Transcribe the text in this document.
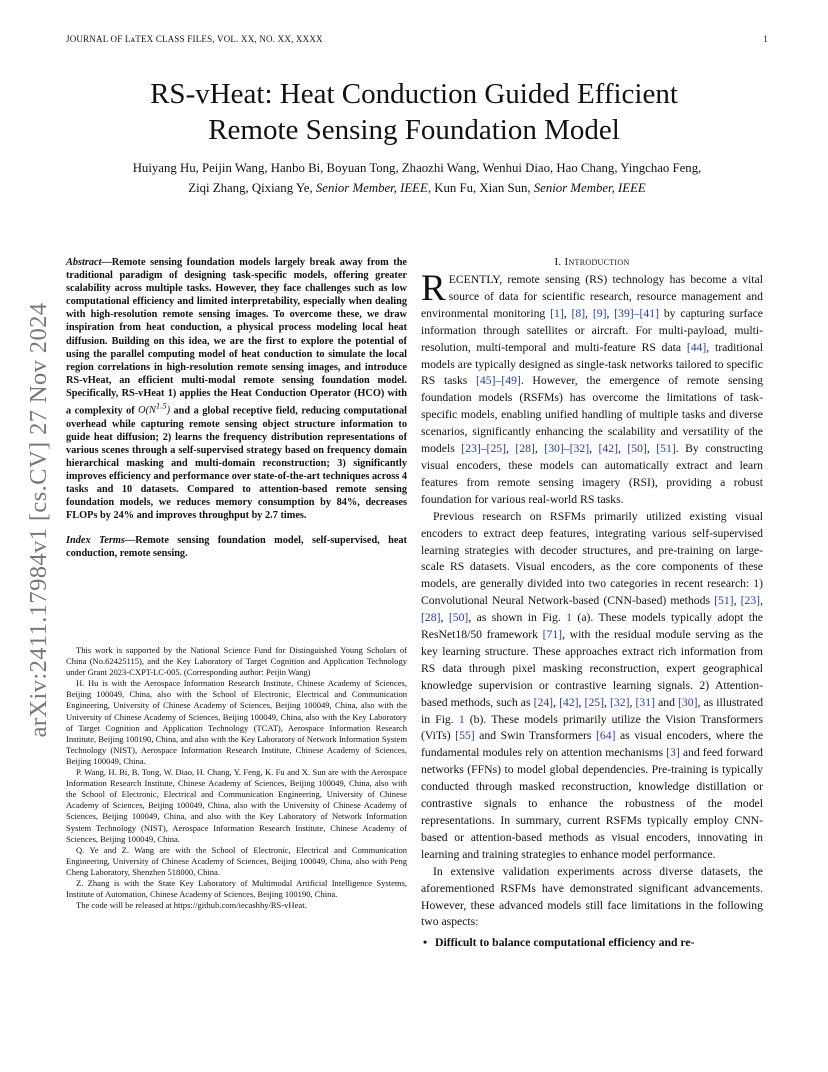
JOURNAL OF LᴀTEX CLASS FILES, VOL. XX, NO. XX, XXXX	1
arXiv:2411.17984v1 [cs.CV] 27 Nov 2024
RS-vHeat: Heat Conduction Guided Efficient
Remote Sensing Foundation Model
Huiyang Hu, Peijin Wang, Hanbo Bi, Boyuan Tong, Zhaozhi Wang, Wenhui Diao, Hao Chang, Yingchao Feng,
Ziqi Zhang, Qixiang Ye, Senior Member, IEEE, Kun Fu, Xian Sun, Senior Member, IEEE
Abstract—Remote sensing foundation models largely break away from the traditional paradigm of designing task-specific models, offering greater scalability across multiple tasks. However, they face challenges such as low computational efficiency and limited interpretability, especially when dealing with high-resolution remote sensing images. To overcome these, we draw inspiration from heat conduction, a physical process modeling local heat diffusion. Building on this idea, we are the first to explore the potential of using the parallel computing model of heat conduction to simulate the local region correlations in high-resolution remote sensing images, and introduce RS-vHeat, an efficient multi-modal remote sensing foundation model. Specifically, RS-vHeat 1) applies the Heat Conduction Operator (HCO) with a complexity of $O(N^{1.5})$ and a global receptive field, reducing computational overhead while capturing remote sensing object structure information to guide heat diffusion; 2) learns the frequency distribution representations of various scenes through a self-supervised strategy based on frequency domain hierarchical masking and multi-domain reconstruction; 3) significantly improves efficiency and performance over state-of-the-art techniques across 4 tasks and 10 datasets. Compared to attention-based remote sensing foundation models, we reduces memory consumption by 84%, decreases FLOPs by 24% and improves throughput by 2.7 times.
Index Terms—Remote sensing foundation model, self-supervised, heat conduction, remote sensing.

This work is supported by the National Science Fund for Distinguished Young Scholars of China (No.62425115), and the Key Laboratory of Target Cognition and Application Technology under Grant 2023-CXPT-LC-005. (Corresponding author: Peijin Wang)

H. Hu is with the Aerospace Information Research Institute, Chinese Academy of Sciences, Beijing 100049, China, also with the School of Electronic, Electrical and Communication Engineering, University of Chinese Academy of Sciences, Beijing 100049, China, also with the University of Chinese Academy of Sciences, Beijing 100049, China, also with the Key Laboratory of Target Cognition and Application Technology (TCAT), Aerospace Information Research Institute, Beijing 100190, China, and also with the Key Laboratory of Network Information System Technology (NIST), Aerospace Information Research Institute, Chinese Academy of Sciences, Beijing 100049, China.

P. Wang, H. Bi, B. Tong, W. Diao, H. Chang, Y. Feng, K. Fu and X. Sun are with the Aerospace Information Research Institute, Chinese Academy of Sciences, Beijing 100049, China, also with the School of Electronic, Electrical and Communication Engineering, University of Chinese Academy of Sciences, Beijing 100049, China, also with the University of Chinese Academy of Sciences, Beijing 100049, China, and also with the Key Laboratory of Network Information System Technology (NIST), Aerospace Information Research Institute, Chinese Academy of Sciences, Beijing 100049, China.

Q. Ye and Z. Wang are with the School of Electronic, Electrical and Communication Engineering, University of Chinese Academy of Sciences, Beijing 100049, China, also with Peng Cheng Laboratory, Shenzhen 518000, China.

Z. Zhang is with the State Key Laboratory of Multimodal Artificial Intelligence Systems, Institute of Automation, Chinese Academy of Sciences, Beijing 100190, China.

The code will be released at https://github.com/iecashhy/RS-vHeat.

I. Introduction

RECENTLY, remote sensing (RS) technology has become a vital source of data for scientific research, resource management and environmental monitoring [1], [8], [9], [39]–[41] by capturing surface information through satellites or aircraft. For multi-payload, multi-resolution, multi-temporal and multi-feature RS data [44], traditional models are typically designed as single-task networks tailored to specific RS tasks [45]–[49]. However, the emergence of remote sensing foundation models (RSFMs) has overcome the limitations of task-specific models, enabling unified handling of multiple tasks and diverse scenarios, significantly enhancing the scalability and versatility of the models [23]–[25], [28], [30]–[32], [42], [50], [51]. By constructing visual encoders, these models can automatically extract and learn features from remote sensing imagery (RSI), providing a robust foundation for various real-world RS tasks.

Previous research on RSFMs primarily utilized existing visual encoders to extract deep features, integrating various self-supervised learning strategies with decoder structures, and pre-training on large-scale RS datasets. Visual encoders, as the core components of these models, are generally divided into two categories in recent research: 1) Convolutional Neural Network-based (CNN-based) methods [51], [23], [28], [50], as shown in Fig. 1 (a). These models typically adopt the ResNet18/50 framework [71], with the residual module serving as the key learning structure. These approaches extract rich information from RS data through pixel masking reconstruction, expert geographical knowledge supervision or contrastive learning signals. 2) Attention-based methods, such as [24], [42], [25], [32], [31] and [30], as illustrated in Fig. 1 (b). These models primarily utilize the Vision Transformers (ViTs) [55] and Swin Transformers [64] as visual encoders, where the fundamental modules rely on attention mechanisms [3] and feed forward networks (FFNs) to model global dependencies. Pre-training is typically conducted through masked reconstruction, knowledge distillation or contrastive signals to enhance the robustness of the model representations. In summary, current RSFMs typically employ CNN-based or attention-based methods as visual encoders, innovating in learning and training strategies to enhance model performance.

In extensive validation experiments across diverse datasets, the aforementioned RSFMs have demonstrated significant advancements. However, these advanced models still face limitations in the following two aspects:

• Difficult to balance computational efficiency and re-
